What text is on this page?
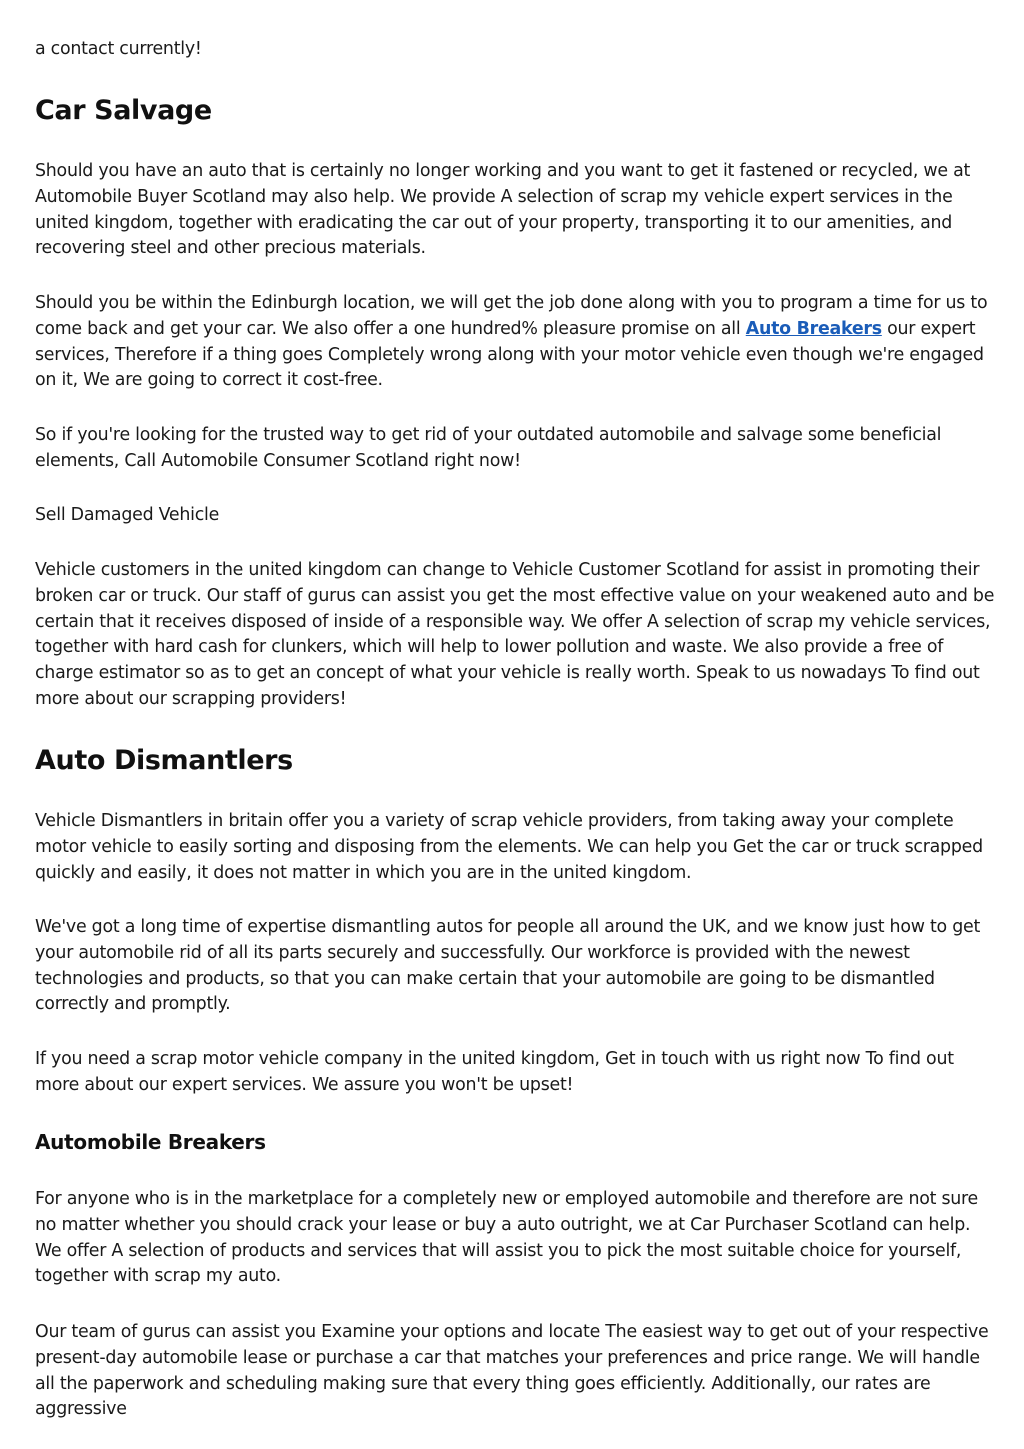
a contact currently!

Car Salvage

Should you have an auto that is certainly no longer working and you want to get it fastened or recycled, we at Automobile Buyer Scotland may also help. We provide A selection of scrap my vehicle expert services in the united kingdom, together with eradicating the car out of your property, transporting it to our amenities, and recovering steel and other precious materials.

Should you be within the Edinburgh location, we will get the job done along with you to program a time for us to come back and get your car. We also offer a one hundred% pleasure promise on all Auto Breakers our expert services, Therefore if a thing goes Completely wrong along with your motor vehicle even though we're engaged on it, We are going to correct it cost-free.

So if you're looking for the trusted way to get rid of your outdated automobile and salvage some beneficial elements, Call Automobile Consumer Scotland right now!

Sell Damaged Vehicle

Vehicle customers in the united kingdom can change to Vehicle Customer Scotland for assist in promoting their broken car or truck. Our staff of gurus can assist you get the most effective value on your weakened auto and be certain that it receives disposed of inside of a responsible way. We offer A selection of scrap my vehicle services, together with hard cash for clunkers, which will help to lower pollution and waste. We also provide a free of charge estimator so as to get an concept of what your vehicle is really worth. Speak to us nowadays To find out more about our scrapping providers!

Auto Dismantlers

Vehicle Dismantlers in britain offer you a variety of scrap vehicle providers, from taking away your complete motor vehicle to easily sorting and disposing from the elements. We can help you Get the car or truck scrapped quickly and easily, it does not matter in which you are in the united kingdom.

We've got a long time of expertise dismantling autos for people all around the UK, and we know just how to get your automobile rid of all its parts securely and successfully. Our workforce is provided with the newest technologies and products, so that you can make certain that your automobile are going to be dismantled correctly and promptly.

If you need a scrap motor vehicle company in the united kingdom, Get in touch with us right now To find out more about our expert services. We assure you won't be upset!

Automobile Breakers

For anyone who is in the marketplace for a completely new or employed automobile and therefore are not sure no matter whether you should crack your lease or buy a auto outright, we at Car Purchaser Scotland can help. We offer A selection of products and services that will assist you to pick the most suitable choice for yourself, together with scrap my auto.

Our team of gurus can assist you Examine your options and locate The easiest way to get out of your respective present-day automobile lease or purchase a car that matches your preferences and price range. We will handle all the paperwork and scheduling making sure that every thing goes efficiently. Additionally, our rates are aggressive
